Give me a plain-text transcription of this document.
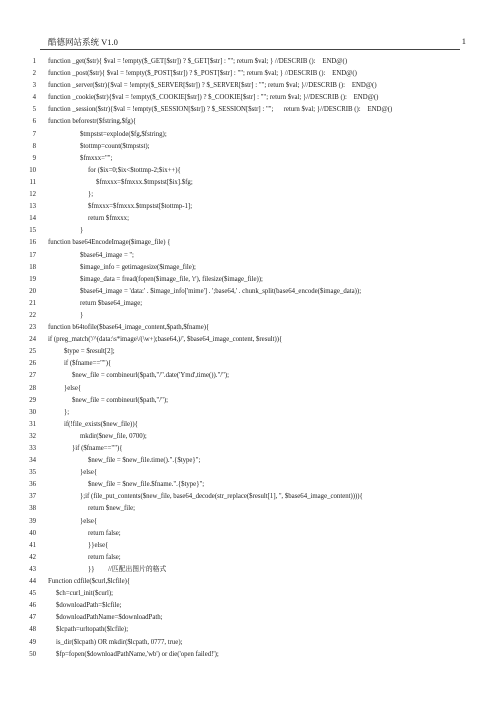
酷德网站系统 V1.0	1
1 function _get($str){ $val = !empty($_GET[$str]) ? $_GET[$str] : ""; return $val; } //DESCRIB ():    END@()
2 function _post($str){ $val = !empty($_POST[$str]) ? $_POST[$str] : ""; return $val; } //DESCRIB ():    END@()
3 function _server($str){$val = !empty($_SERVER[$str]) ? $_SERVER[$str] : ""; return $val; }//DESCRIB ():    END@()
4 function _cookie($str){$val = !empty($_COOKIE[$str]) ? $_COOKIE[$str] : ""; return $val; }//DESCRIB ():    END@()
5 function _session($str){$val = !empty($_SESSION[$str]) ? $_SESSION[$str] : "";      return $val; }//DESCRIB ():    END@()
6 function beforestr($fstring,$fg){
7	$tmpstst=explode($fg,$fstring);
8	$tottmp=count($tmpstst);
9	$fmxxx="";
10	for ($ix=0;$ix<$tottmp-2;$ix++){
11	$fmxxx=$fmxxx.$tmpstst[$ix].$fg;
12	};
13	$fmxxx=$fmxxx.$tmpstst[$tottmp-1];
14	return $fmxxx;
15	}
16 function base64EncodeImage($image_file) {
17	$base64_image = '';
18	$image_info = getimagesize($image_file);
19	$image_data = fread(fopen($image_file, 'r'), filesize($image_file));
20	$base64_image = 'data:' . $image_info['mime'] . ';base64,' . chunk_split(base64_encode($image_data));
21	return $base64_image;
22	}
23 function b64tofile($base64_image_content,$path,$fname){
24 if (preg_match('/^(data:\s*image\/(\w+);base64,)/', $base64_image_content, $result)){
25	$type = $result[2];
26	if ($fname==""){
27	$new_file = combineurl($path,"/".date('Ymd',time())."/");
28	}else{
29	$new_file = combineurl($path,"/");
30	};
31	if(!file_exists($new_file)){
32	mkdir($new_file, 0700);
33	}if ($fname==""){
34	$new_file = $new_file.time().".{$type}";
35	}else{
36	$new_file = $new_file.$fname.".{$type}";
37	};if (file_put_contents($new_file, base64_decode(str_replace($result[1], '', $base64_image_content)))){
38	return $new_file;
39	}else{
40	return false;
41	}}else{
42	return false;
43	}}        //匹配出图片的格式
44 Function cdfile($curl,$lcfile){
45	$ch=curl_init($curl);
46	$downloadPath=$lcfile;
47	$downloadPathName=$downloadPath;
48	$lcpath=urltopath($lcfile);
49	is_dir($lcpath) OR mkdir($lcpath, 0777, true);
50	$fp=fopen($downloadPathName,'wb') or die('open failed!');
